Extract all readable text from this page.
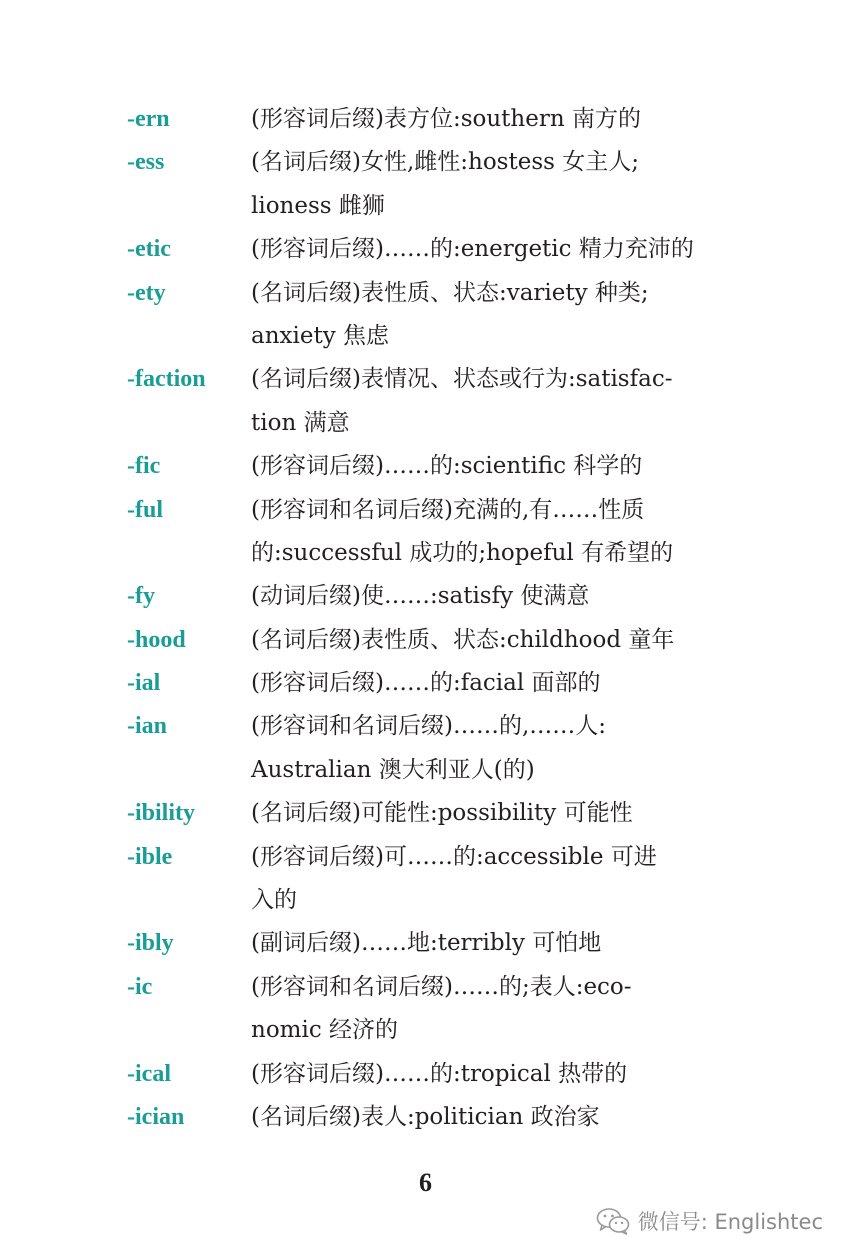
-ern	(形容词后缀)表方位:southern 南方的
-ess	(名词后缀)女性,雌性:hostess 女主人;
lioness 雌狮
-etic	(形容词后缀)……的:energetic 精力充沛的
-ety	(名词后缀)表性质、状态:variety 种类;
anxiety 焦虑
-faction (名词后缀)表情况、状态或行为:satisfac-
tion 满意
-fic	(形容词后缀)……的:scientific 科学的
-ful	(形容词和名词后缀)充满的,有……性质
的:successful 成功的;hopeful 有希望的
-fy	(动词后缀)使……:satisfy 使满意
-hood	(名词后缀)表性质、状态:childhood 童年
-ial	(形容词后缀)……的:facial 面部的
-ian	(形容词和名词后缀)……的,……人:
Australian 澳大利亚人(的)
-ibility (名词后缀)可能性:possibility 可能性
-ible	(形容词后缀)可……的:accessible 可进
入的
-ibly	(副词后缀)……地:terribly 可怕地
-ic	(形容词和名词后缀)……的;表人:eco-
nomic 经济的
-ical	(形容词后缀)……的:tropical 热带的
-ician	(名词后缀)表人:politician 政治家
6
微信号: Englishtec
